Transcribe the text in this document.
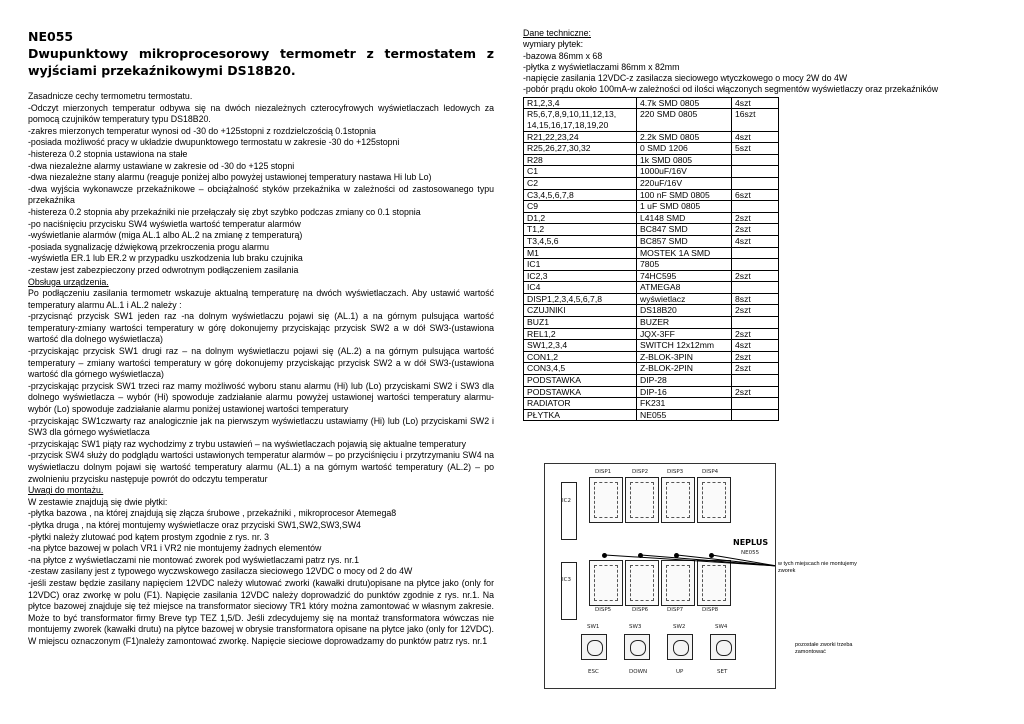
NE055

Dwupunktowy mikroprocesorowy termometr z termostatem z wyjściami przekaźnikowymi DS18B20.

Zasadnicze cechy termometru termostatu.

-Odczyt mierzonych temperatur odbywa się na dwóch niezależnych czterocyfrowych wyświetlaczach ledowych za pomocą czujników temperatury typu DS18B20.

-zakres mierzonych temperatur wynosi od -30 do +125stopni z rozdzielczością 0.1stopnia

-posiada możliwość pracy w układzie dwupunktowego termostatu w zakresie -30 do +125stopni

-histereza 0.2 stopnia ustawiona na stałe

-dwa niezależne alarmy ustawiane w zakresie od -30 do +125 stopni

-dwa niezależne stany alarmu (reaguje poniżej albo powyżej ustawionej temperatury nastawa Hi lub Lo)

-dwa wyjścia wykonawcze przekaźnikowe – obciążalność styków przekaźnika w zależności od zastosowanego typu przekaźnika

-histereza 0.2 stopnia aby przekaźniki nie przełączały się zbyt szybko podczas zmiany co 0.1 stopnia

-po naciśnięciu przycisku SW4 wyświetla wartość temperatur alarmów

-wyświetlanie alarmów (miga AL.1 albo AL.2 na zmianę z temperaturą)

-posiada sygnalizację dźwiękową przekroczenia progu alarmu

-wyświetla ER.1 lub ER.2 w przypadku uszkodzenia lub braku czujnika

-zestaw jest zabezpieczony przed odwrotnym podłączeniem zasilania

Obsługa urządzenia.

Po podłączeniu zasilania termometr wskazuje aktualną temperaturę na dwóch wyświetlaczach. Aby ustawić wartość temperatury alarmu AL.1 i AL.2 należy :

-przycisnąć przycisk SW1 jeden raz -na dolnym wyświetlaczu pojawi się (AL.1) a na górnym pulsująca wartość temperatury-zmiany wartości temperatury w górę dokonujemy przyciskając przycisk SW2 a w dół SW3-(ustawiona wartość dla dolnego wyświetlacza)

-przyciskając przycisk SW1 drugi raz – na dolnym wyświetlaczu pojawi się (AL.2) a na górnym pulsująca wartość temperatury – zmiany wartości temperatury w górę dokonujemy przyciskając przycisk SW2 a w dół SW3-(ustawiona wartość dla górnego wyświetlacza)

-przyciskając przycisk SW1 trzeci raz mamy możliwość wyboru stanu alarmu (Hi) lub (Lo) przyciskami SW2 i SW3 dla dolnego wyświetlacza – wybór (Hi) spowoduje zadziałanie alarmu powyżej ustawionej wartości temperatury alarmu- wybór (Lo) spowoduje zadziałanie alarmu poniżej ustawionej wartości temperatury

-przyciskając SW1czwarty raz analogicznie jak na pierwszym wyświetlaczu ustawiamy (Hi) lub (Lo) przyciskami SW2 i SW3 dla górnego wyświetlacza

-przyciskając SW1 piąty raz wychodzimy z trybu ustawień – na wyświetlaczach pojawią się aktualne temperatury

-przycisk SW4 służy do podglądu wartości ustawionych temperatur alarmów – po przyciśnięciu i przytrzymaniu SW4 na wyświetlaczu dolnym pojawi się wartość temperatury alarmu (AL.1) a na górnym wartość temperatury (AL.2) – po zwolnieniu przycisku następuje powrót do odczytu temperatur

Uwagi do montażu.

W zestawie znajdują się dwie płytki:

-płytka bazowa , na której znajdują się złącza śrubowe , przekaźniki , mikroprocesor Atemega8

-płytka druga , na której montujemy wyświetlacze oraz przyciski SW1,SW2,SW3,SW4

-płytki należy zlutować pod kątem prostym zgodnie z rys. nr. 3

-na płytce bazowej w polach VR1 i VR2 nie montujemy żadnych elementów

-na płytce z wyświetlaczami nie montować zworek pod wyświetlaczami patrz rys. nr.1

-zestaw zasilany jest z typowego wyczwskowego zasilacza sieciowego 12VDC o mocy od 2 do 4W

-jeśli zestaw będzie zasilany napięciem 12VDC należy wlutować zworki (kawałki drutu)opisane na płytce jako (only for 12VDC) oraz zworkę w polu (F1). Napięcie zasilania 12VDC należy doprowadzić do punktów zgodnie z rys. nr.1. Na płytce bazowej znajduje się też miejsce na transformator sieciowy TR1 który można zamontować w własnym zakresie. Może to być transformator firmy Breve typ TEZ 1,5/D. Jeśli zdecydujemy się na montaż transformatora wówczas nie montujemy zworek (kawałki drutu) na płytce bazowej w obrysie transformatora opisane na płytce jako (only for 12VDC). W miejscu oznaczonym (F1)należy zamontować zworkę. Napięcie sieciowe doprowadzamy do punktów patrz rys. nr.1

Dane techniczne:

wymiary płytek:

-bazowa 86mm x 68

-płytka z wyświetlaczami 86mm x 82mm

-napięcie zasilania 12VDC-z zasilacza sieciowego wtyczkowego o mocy 2W do 4W

-pobór prądu około 100mA-w zależności od ilości włączonych segmentów wyświetlaczy oraz przekaźników

R1,2,3,4	4.7k SMD 0805	4szt
R5,6,7,8,9,10,11,12,13, 14,15,16,17,18,19,20	220 SMD 0805	16szt
R21,22,23,24	2.2k SMD 0805	4szt
R25,26,27,30,32	0 SMD 1206	5szt
R28	1k SMD 0805	
C1	1000uF/16V	
C2	220uF/16V	
C3,4,5,6,7,8	100 nF SMD 0805	6szt
C9	1 uF SMD 0805	
D1,2	L4148 SMD	2szt
T1,2	BC847 SMD	2szt
T3,4,5,6	BC857 SMD	4szt
M1	MOSTEK 1A SMD	
IC1	7805	
IC2,3	74HC595	2szt
IC4	ATMEGA8	
DISP1,2,3,4,5,6,7,8	wyświetlacz	8szt
CZUJNIKI	DS18B20	2szt
BUZ1	BUZER	
REL1,2	JQX-3FF	2szt
SW1,2,3,4	SWITCH 12x12mm	4szt
CON1,2	Z-BLOK-3PIN	2szt
CON3,4,5	Z-BLOK-2PIN	2szt
PODSTAWKA	DIP-28	
PODSTAWKA	DIP-16	2szt
RADIATOR	FK231	
PŁYTKA	NE055	
DISP1	DISP2	DISP3	DISP4
IC2
DISP5	DISP6	DISP7	DISP8
IC3
NEPLUS
NE055
SW1	SW3	SW2	SW4
ESC	DOWN	UP	SET
w tych miejscach nie montujemy zworek
pozostałe zworki trzeba zamontować
